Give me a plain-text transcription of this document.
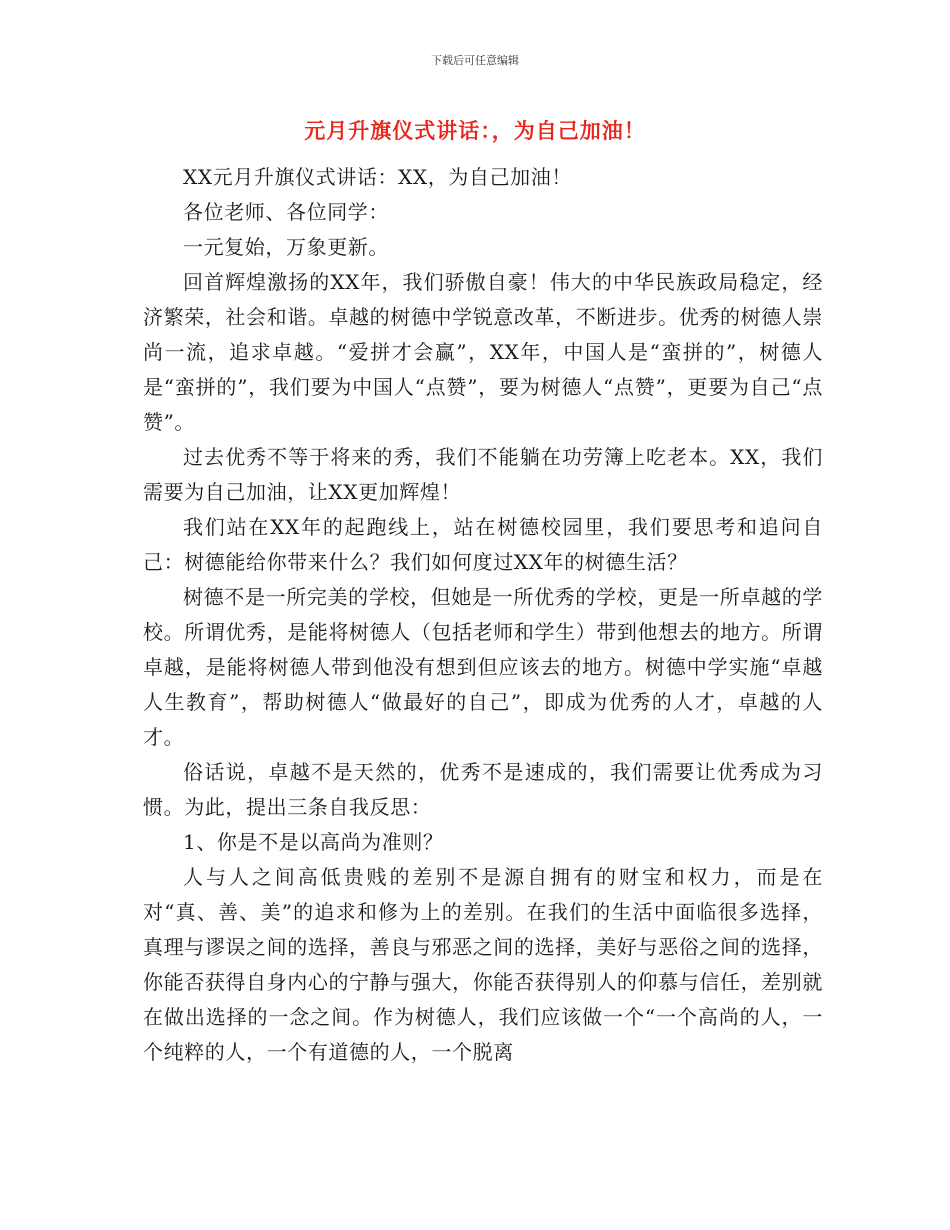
下载后可任意编辑
元月升旗仪式讲话：，为自己加油！

XX元月升旗仪式讲话：XX，为自己加油！

各位老师、各位同学：

一元复始，万象更新。

回首辉煌激扬的XX年，我们骄傲自豪！伟大的中华民族政局稳定，经济繁荣，社会和谐。卓越的树德中学锐意改革，不断进步。优秀的树德人崇尚一流，追求卓越。“爱拼才会赢”，XX年，中国人是“蛮拼的”，树德人是“蛮拼的”，我们要为中国人“点赞”，要为树德人“点赞”，更要为自己“点赞”。

过去优秀不等于将来的秀，我们不能躺在功劳簿上吃老本。XX，我们需要为自己加油，让XX更加辉煌！

我们站在XX年的起跑线上，站在树德校园里，我们要思考和追问自己：树德能给你带来什么？我们如何度过XX年的树德生活？

树德不是一所完美的学校，但她是一所优秀的学校，更是一所卓越的学校。所谓优秀，是能将树德人（包括老师和学生）带到他想去的地方。所谓卓越，是能将树德人带到他没有想到但应该去的地方。树德中学实施“卓越人生教育”，帮助树德人“做最好的自己”，即成为优秀的人才，卓越的人才。

俗话说，卓越不是天然的，优秀不是速成的，我们需要让优秀成为习惯。为此，提出三条自我反思：

1、你是不是以高尚为准则？

人与人之间高低贵贱的差别不是源自拥有的财宝和权力，而是在对“真、善、美”的追求和修为上的差别。在我们的生活中面临很多选择，真理与谬误之间的选择，善良与邪恶之间的选择，美好与恶俗之间的选择，你能否获得自身内心的宁静与强大，你能否获得别人的仰慕与信任，差别就在做出选择的一念之间。作为树德人，我们应该做一个“一个高尚的人，一个纯粹的人，一个有道德的人，一个脱离
